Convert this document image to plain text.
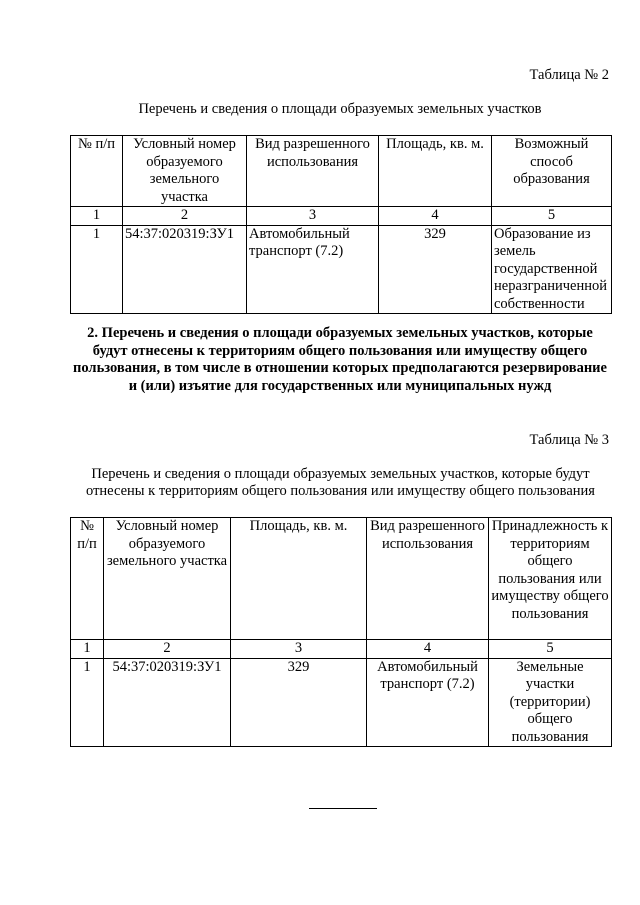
Таблица № 2
Перечень и сведения о площади образуемых земельных участков
№ п/п	Условный номер образуемого земельного участка	Вид разрешенного использования	Площадь, кв. м.	Возможный способ образования
1	2	3	4	5
1	54:37:020319:ЗУ1	Автомобильный транспорт (7.2)	329	Образование из земель государственной неразграниченной собственности
2. Перечень и сведения о площади образуемых земельных участков, которые будут отнесены к территориям общего пользования или имуществу общего пользования, в том числе в отношении которых предполагаются резервирование и (или) изъятие для государственных или муниципальных нужд
Таблица № 3
Перечень и сведения о площади образуемых земельных участков, которые будут отнесены к территориям общего пользования или имуществу общего пользования
№ п/п	Условный номер образуемого земельного участка	Площадь, кв. м.	Вид разрешенного использования	Принадлежность к территориям общего пользования или имуществу общего пользования
1	2	3	4	5
1	54:37:020319:ЗУ1	329	Автомобильный транспорт (7.2)	Земельные участки (территории) общего пользования
